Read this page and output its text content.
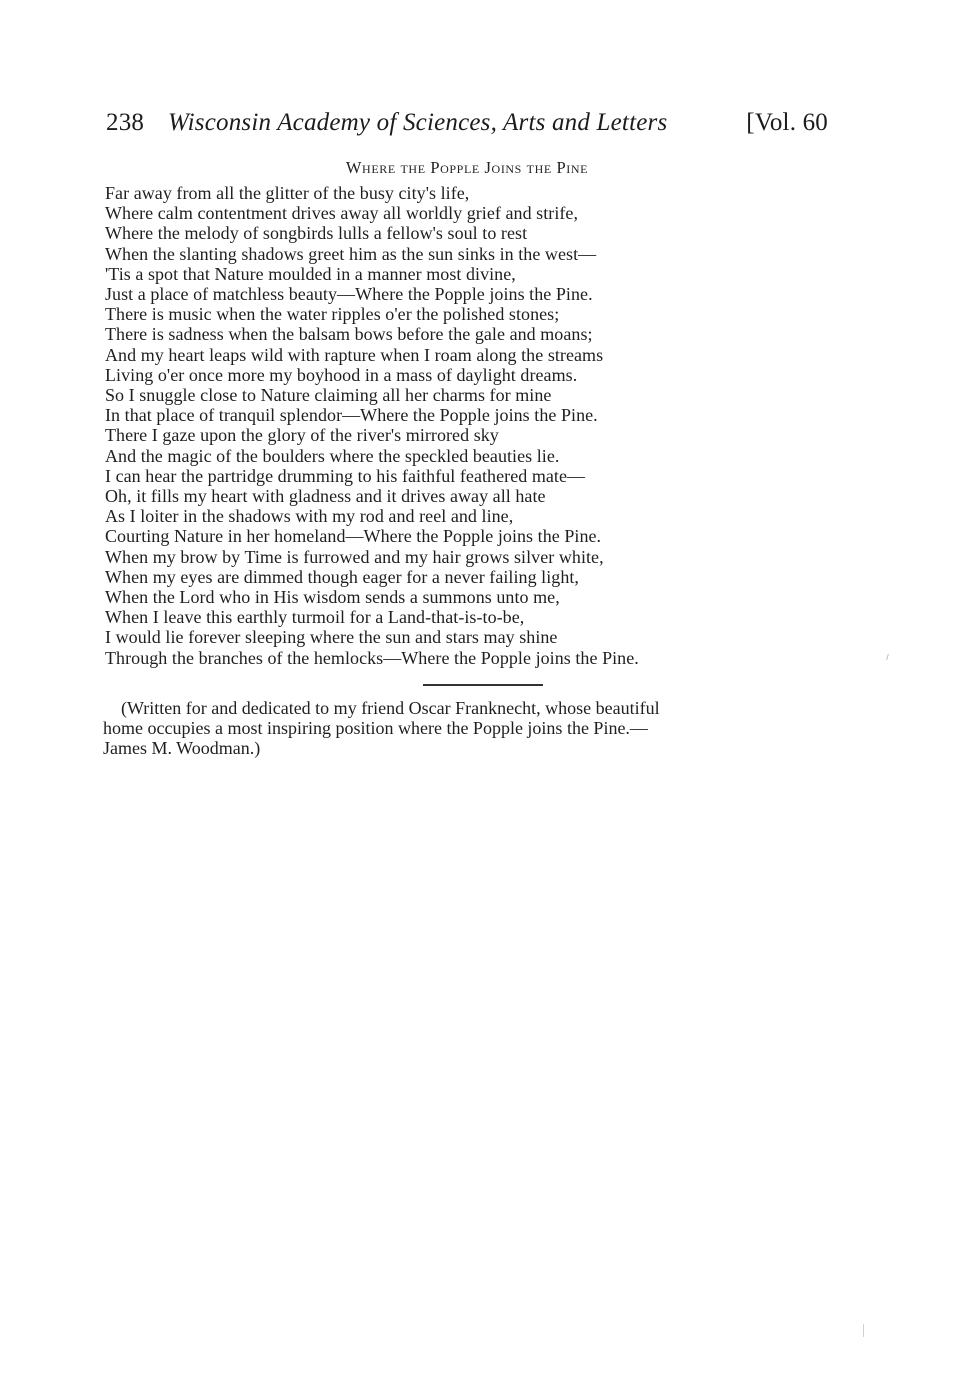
238 Wisconsin Academy of Sciences, Arts and Letters	[Vol. 60
Where the Popple Joins the Pine
Far away from all the glitter of the busy city's life,
Where calm contentment drives away all worldly grief and strife,
Where the melody of songbirds lulls a fellow's soul to rest
When the slanting shadows greet him as the sun sinks in the west—
'Tis a spot that Nature moulded in a manner most divine,
Just a place of matchless beauty—Where the Popple joins the Pine.
There is music when the water ripples o'er the polished stones;
There is sadness when the balsam bows before the gale and moans;
And my heart leaps wild with rapture when I roam along the streams
Living o'er once more my boyhood in a mass of daylight dreams.
So I snuggle close to Nature claiming all her charms for mine
In that place of tranquil splendor—Where the Popple joins the Pine.
There I gaze upon the glory of the river's mirrored sky
And the magic of the boulders where the speckled beauties lie.
I can hear the partridge drumming to his faithful feathered mate—
Oh, it fills my heart with gladness and it drives away all hate
As I loiter in the shadows with my rod and reel and line,
Courting Nature in her homeland—Where the Popple joins the Pine.
When my brow by Time is furrowed and my hair grows silver white,
When my eyes are dimmed though eager for a never failing light,
When the Lord who in His wisdom sends a summons unto me,
When I leave this earthly turmoil for a Land-that-is-to-be,
I would lie forever sleeping where the sun and stars may shine
Through the branches of the hemlocks—Where the Popple joins the Pine.

(Written for and dedicated to my friend Oscar Franknecht, whose beautiful
home occupies a most inspiring position where the Popple joins the Pine.—
James M. Woodman.)
